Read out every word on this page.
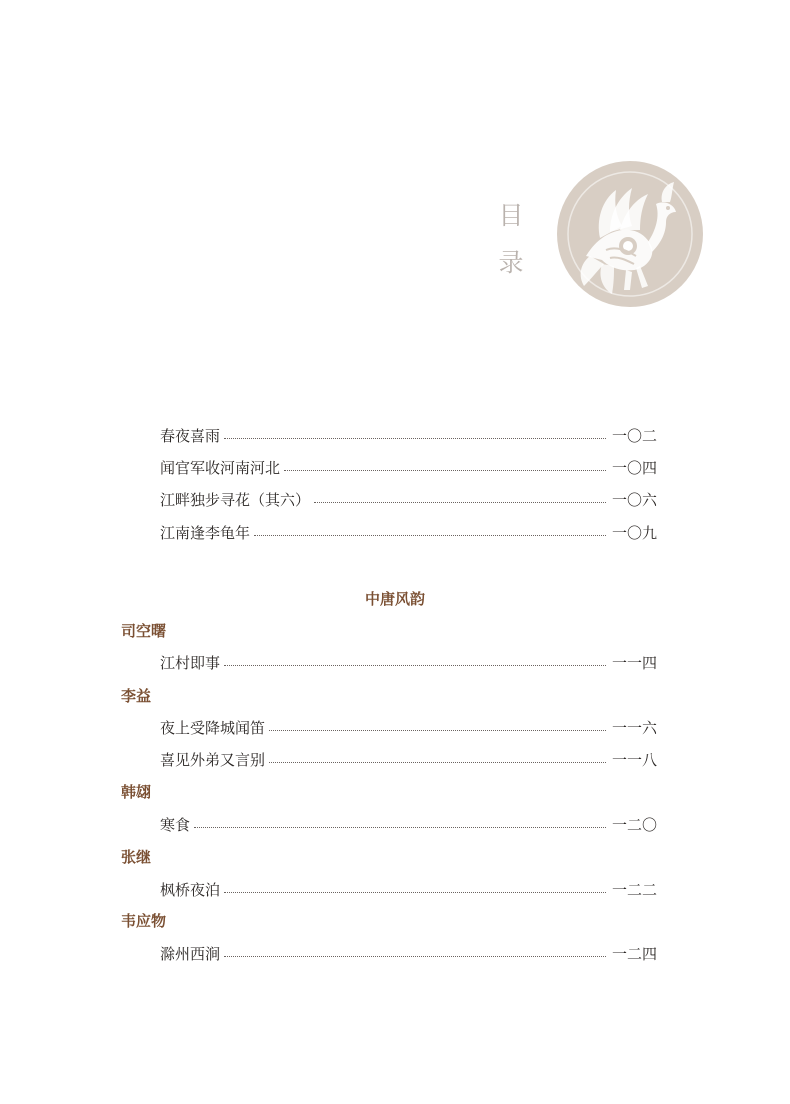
目录
春夜喜雨	一〇二
闻官军收河南河北	一〇四
江畔独步寻花（其六）	一〇六
江南逢李龟年	一〇九
中唐风韵
司空曙
江村即事	一一四
李益
夜上受降城闻笛	一一六
喜见外弟又言别	一一八
韩翃
寒食	一二〇
张继
枫桥夜泊	一二二
韦应物
滁州西涧	一二四
